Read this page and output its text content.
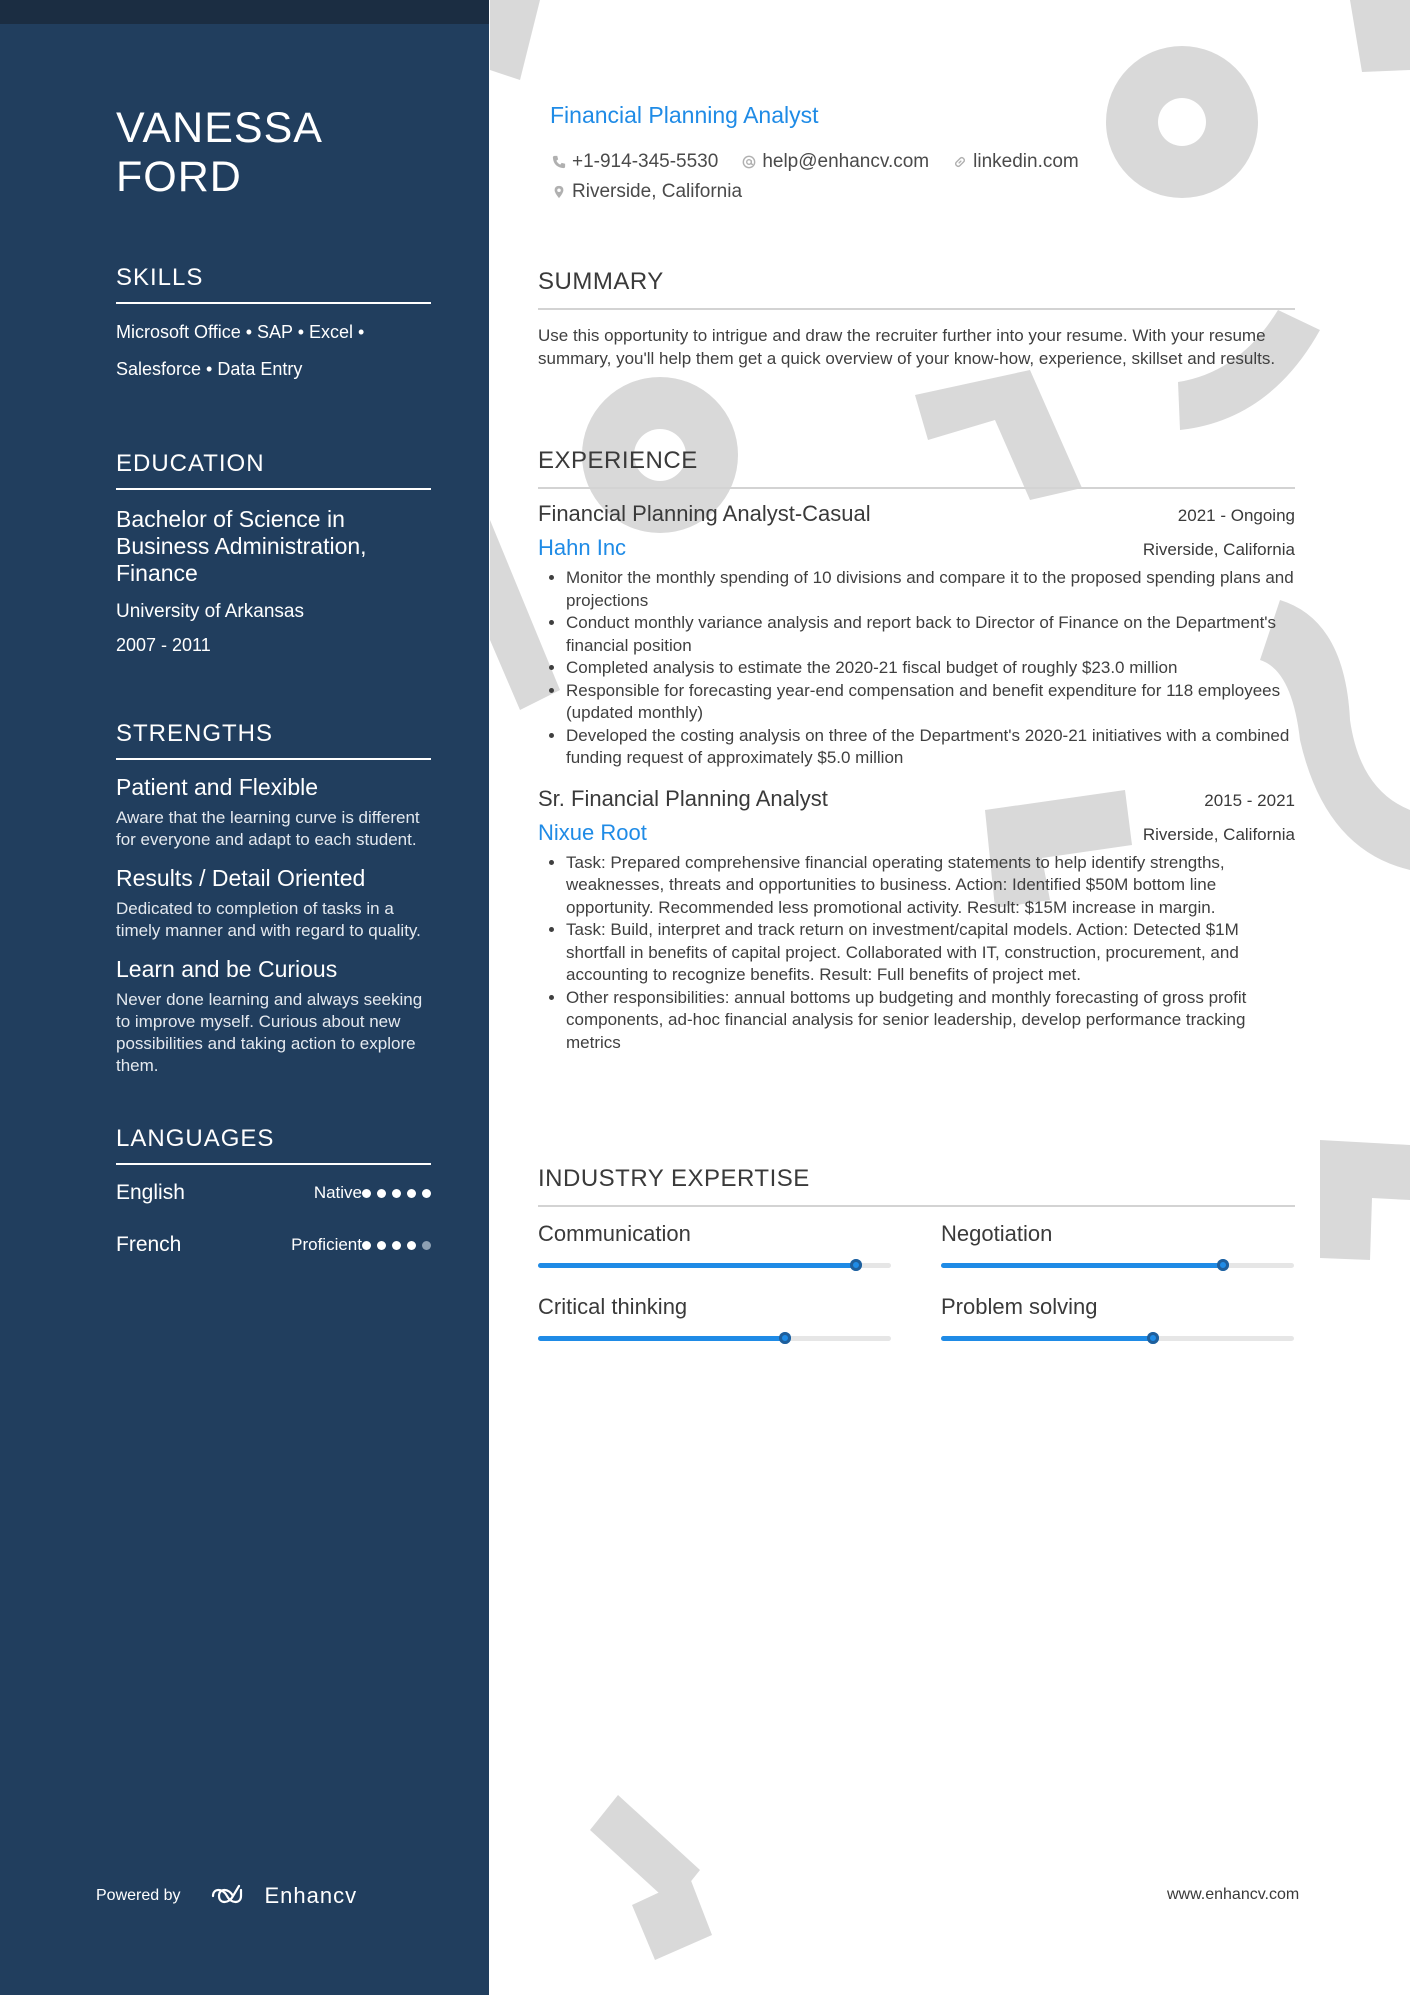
VANESSA
FORD
SKILLS
Microsoft Office • SAP • Excel •
Salesforce • Data Entry
EDUCATION
Bachelor of Science in Business Administration, Finance
University of Arkansas
2007 - 2011
STRENGTHS
Patient and Flexible
Aware that the learning curve is different for everyone and adapt to each student.
Results / Detail Oriented
Dedicated to completion of tasks in a timely manner and with regard to quality.
Learn and be Curious
Never done learning and always seeking to improve myself. Curious about new possibilities and taking action to explore them.
LANGUAGES
English	Native
French	Proficient
Powered by	Enhancv
Financial Planning Analyst
+1-914-345-5530 help@enhancv.com linkedin.com
Riverside, California
SUMMARY
Use this opportunity to intrigue and draw the recruiter further into your resume. With your resume summary, you'll help them get a quick overview of your know-how, experience, skillset and results.
EXPERIENCE
Financial Planning Analyst-Casual	2021 - Ongoing
Hahn Inc	Riverside, California
• Monitor the monthly spending of 10 divisions and compare it to the proposed spending plans and projections
• Conduct monthly variance analysis and report back to Director of Finance on the Department's financial position
• Completed analysis to estimate the 2020-21 fiscal budget of roughly $23.0 million
• Responsible for forecasting year-end compensation and benefit expenditure for 118 employees (updated monthly)
• Developed the costing analysis on three of the Department's 2020-21 initiatives with a combined funding request of approximately $5.0 million
Sr. Financial Planning Analyst	2015 - 2021
Nixue Root	Riverside, California
• Task: Prepared comprehensive financial operating statements to help identify strengths, weaknesses, threats and opportunities to business. Action: Identified $50M bottom line opportunity. Recommended less promotional activity. Result: $15M increase in margin.
• Task: Build, interpret and track return on investment/capital models. Action: Detected $1M shortfall in benefits of capital project. Collaborated with IT, construction, procurement, and accounting to recognize benefits. Result: Full benefits of project met.
• Other responsibilities: annual bottoms up budgeting and monthly forecasting of gross profit components, ad-hoc financial analysis for senior leadership, develop performance tracking metrics
INDUSTRY EXPERTISE
Communication	Negotiation
Critical thinking	Problem solving
www.enhancv.com
